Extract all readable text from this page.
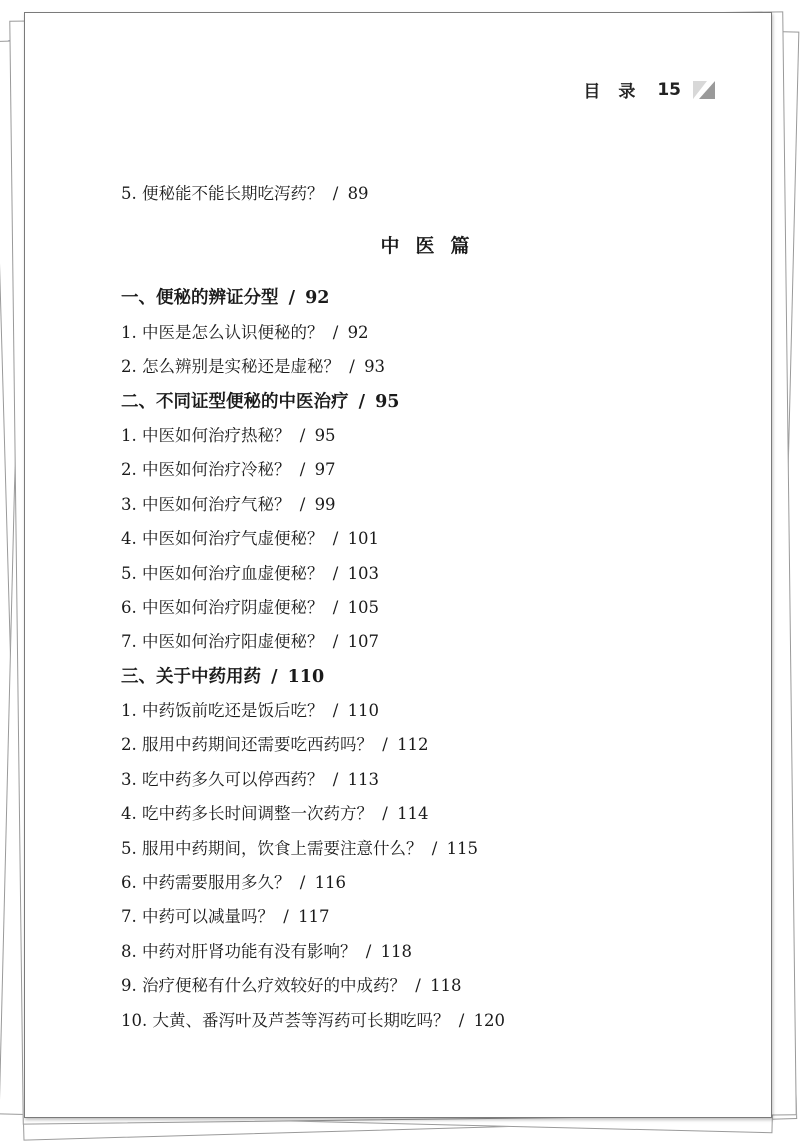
目录 15
5. 便秘能不能长期吃泻药？ / 89
中医篇
一、便秘的辨证分型 / 92
1. 中医是怎么认识便秘的？ / 92
2. 怎么辨别是实秘还是虚秘？ / 93
二、不同证型便秘的中医治疗 / 95
1. 中医如何治疗热秘？ / 95
2. 中医如何治疗冷秘？ / 97
3. 中医如何治疗气秘？ / 99
4. 中医如何治疗气虚便秘？ / 101
5. 中医如何治疗血虚便秘？ / 103
6. 中医如何治疗阴虚便秘？ / 105
7. 中医如何治疗阳虚便秘？ / 107
三、关于中药用药 / 110
1. 中药饭前吃还是饭后吃？ / 110
2. 服用中药期间还需要吃西药吗？ / 112
3. 吃中药多久可以停西药？ / 113
4. 吃中药多长时间调整一次药方？ / 114
5. 服用中药期间，饮食上需要注意什么？ / 115
6. 中药需要服用多久？ / 116
7. 中药可以减量吗？ / 117
8. 中药对肝肾功能有没有影响？ / 118
9. 治疗便秘有什么疗效较好的中成药？ / 118
10. 大黄、番泻叶及芦荟等泻药可长期吃吗？ / 120
